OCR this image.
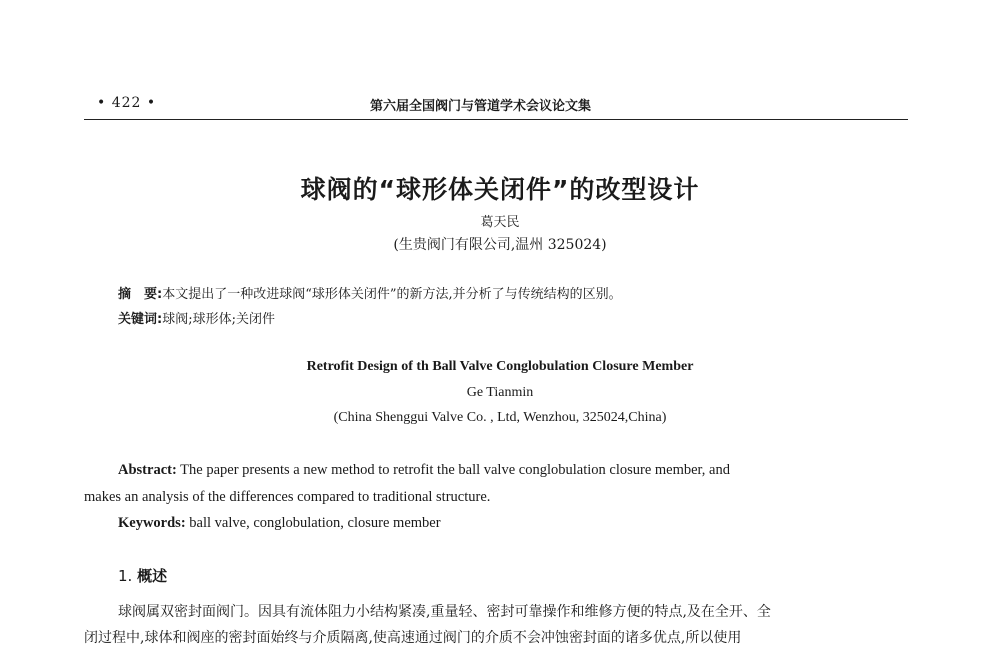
• 422 •	第六届全国阀门与管道学术会议论文集
球阀的“球形体关闭件”的改型设计
葛天民
(生贵阀门有限公司,温州 325024)
摘　要:本文提出了一种改进球阀“球形体关闭件”的新方法,并分析了与传统结构的区别。
关键词:球阀;球形体;关闭件
Retrofit Design of th Ball Valve Conglobulation Closure Member
Ge Tianmin
(China Shenggui Valve Co. , Ltd, Wenzhou, 325024,China)
Abstract: The paper presents a new method to retrofit the ball valve conglobulation closure member, and
makes an analysis of the differences compared to traditional structure.
Keywords: ball valve, conglobulation, closure member
1. 概述
球阀属双密封面阀门。因具有流体阻力小结构紧凑,重量轻、密封可靠操作和维修方便的特点,及在全开、全
闭过程中,球体和阀座的密封面始终与介质隔离,使高速通过阀门的介质不会冲蚀密封面的诸多优点,所以使用
